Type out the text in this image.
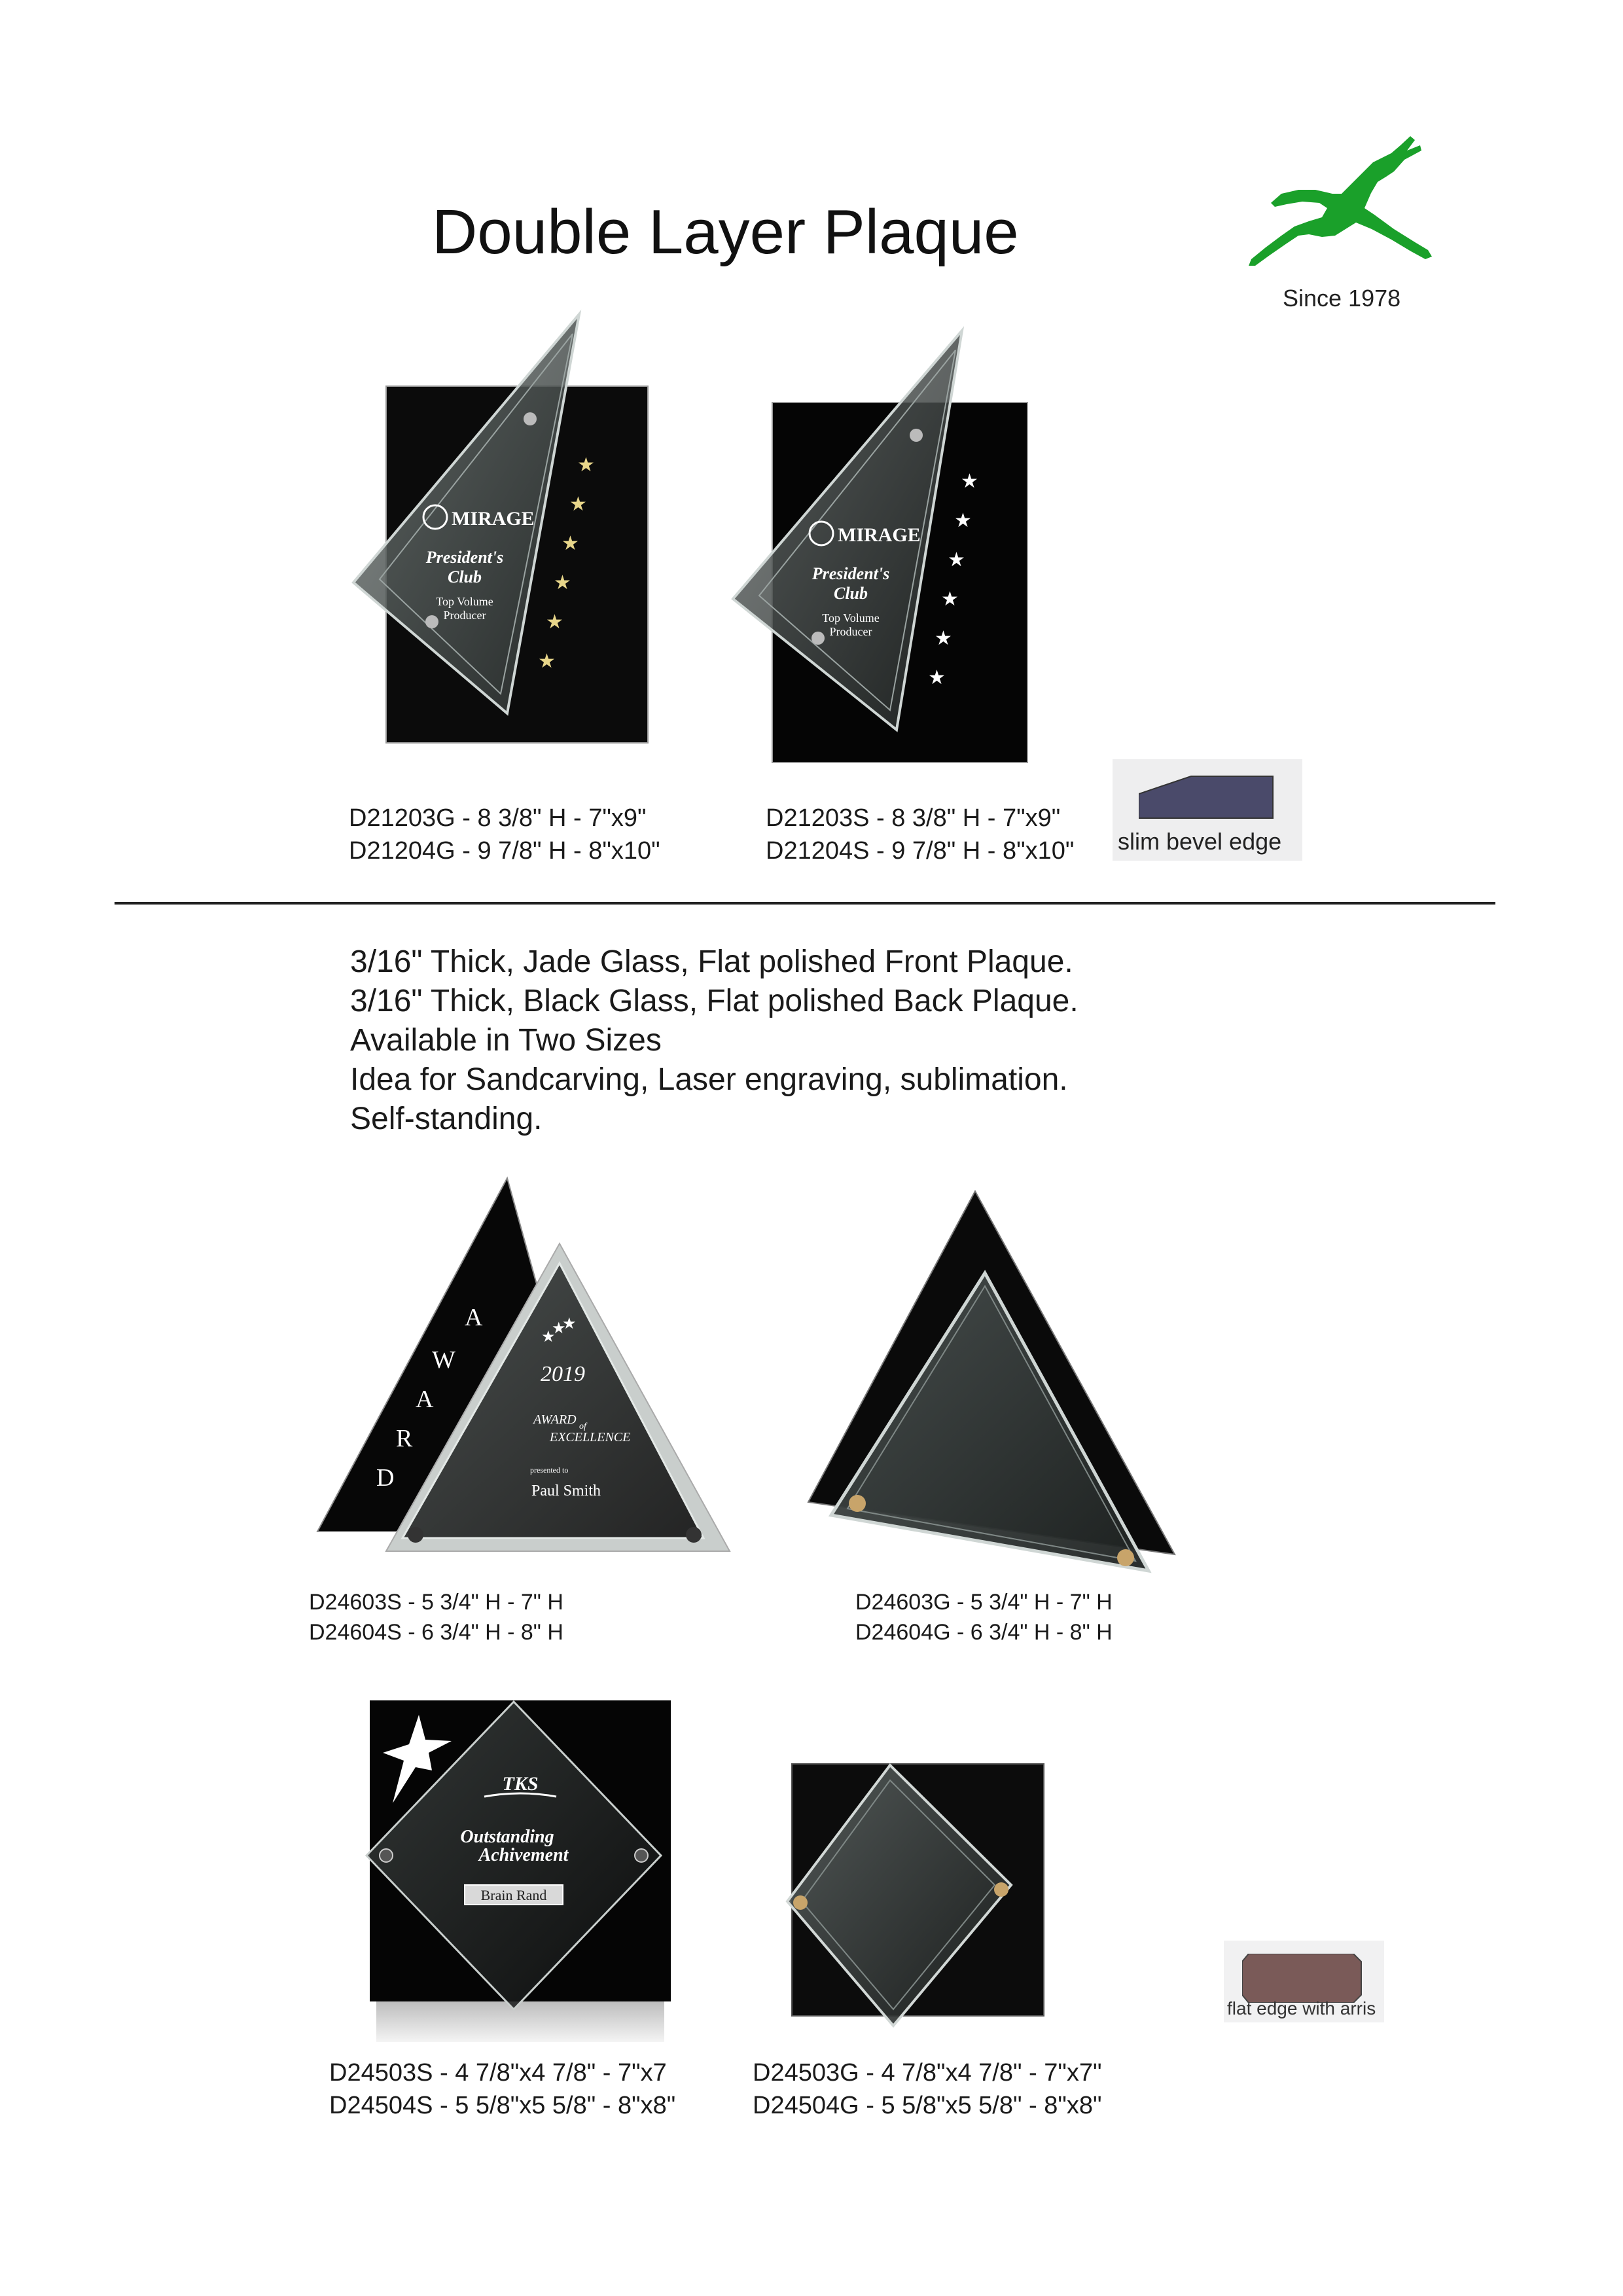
Double Layer Plaque
Since 1978
★
★
★
★
★
★
MIRAGE
President's
Club
Top Volume
Producer
★
★
★
★
★
★
MIRAGE
President's
Club
Top Volume
Producer
D21203G - 8 3/8" H - 7"x9"
D21204G - 9 7/8" H - 8"x10"
D21203S - 8 3/8" H - 7"x9"
D21204S - 9 7/8" H - 8"x10" slim bevel edge
3/16" Thick, Jade Glass, Flat polished Front Plaque.
3/16" Thick, Black Glass, Flat polished Back Plaque.
Available in Two Sizes
Idea for Sandcarving, Laser engraving, sublimation.
Self-standing.
A
W
A
R
D
★
★
★
2019
AWARD of
EXCELLENCE
presented to
Paul Smith
D24603S - 5 3/4" H - 7" H
D24604S - 6 3/4" H - 8" H
D24603G - 5 3/4" H - 7" H
D24604G - 6 3/4" H - 8" H
TKS
Outstanding
Achivement
Brain Rand
flat edge with arris
D24503S - 4 7/8"x4 7/8" - 7"x7
D24504S - 5 5/8"x5 5/8" - 8"x8"
D24503G - 4 7/8"x4 7/8" - 7"x7"
D24504G - 5 5/8"x5 5/8" - 8"x8"
